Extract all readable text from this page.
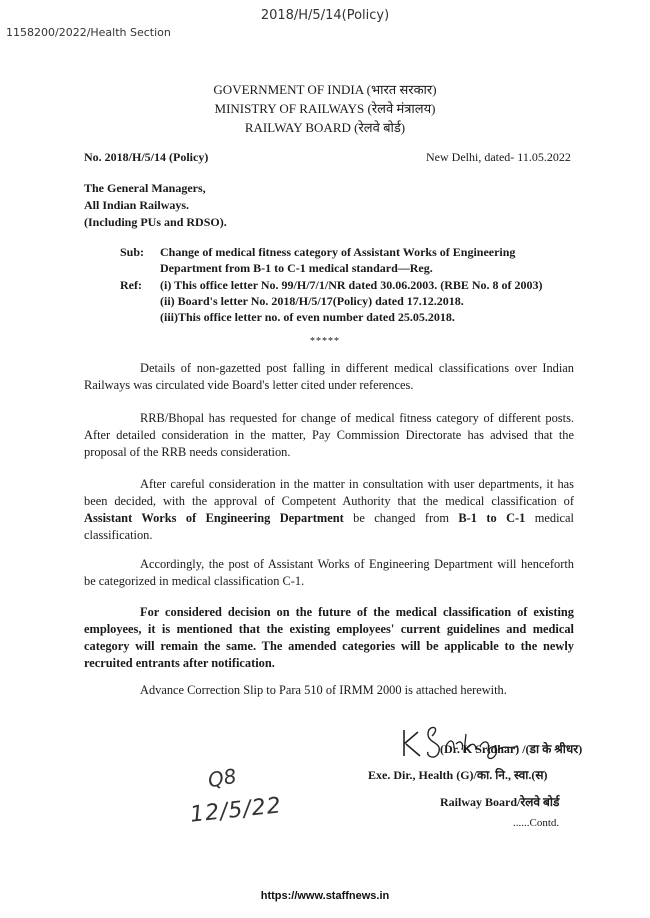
2018/H/5/14(Policy)
1158200/2022/Health Section
GOVERNMENT OF INDIA (भारत सरकार)
MINISTRY OF RAILWAYS (रेलवे मंत्रालय)
RAILWAY BOARD (रेलवे बोर्ड)
No. 2018/H/5/14 (Policy)	New Delhi, dated- 11.05.2022
The General Managers,
All Indian Railways.
(Including PUs and RDSO).
Sub:	Change of medical fitness category of Assistant Works of Engineering Department from B-1 to C-1 medical standard—Reg.
Ref:	(i) This office letter No. 99/H/7/1/NR dated 30.06.2003. (RBE No. 8 of 2003)
(ii) Board's letter No. 2018/H/5/17(Policy) dated 17.12.2018.
(iii)This office letter no. of even number dated 25.05.2018.
*****
Details of non-gazetted post falling in different medical classifications over Indian Railways was circulated vide Board's letter cited under references.
RRB/Bhopal has requested for change of medical fitness category of different posts. After detailed consideration in the matter, Pay Commission Directorate has advised that the proposal of the RRB needs consideration.
After careful consideration in the matter in consultation with user departments, it has been decided, with the approval of Competent Authority that the medical classification of Assistant Works of Engineering Department be changed from B-1 to C-1 medical classification.
Accordingly, the post of Assistant Works of Engineering Department will henceforth be categorized in medical classification C-1.
For considered decision on the future of the medical classification of existing employees, it is mentioned that the existing employees' current guidelines and medical category will remain the same. The amended categories will be applicable to the newly recruited entrants after notification.
Advance Correction Slip to Para 510 of IRMM 2000 is attached herewith.
(Dr. K Sridhar) /(डा के श्रीधर)
Exe. Dir., Health (G)/का. नि., स्वा.(स)
Railway Board/रेलवे बोर्ड
......Contd.
Q8
12/5/22
https://www.staffnews.in
